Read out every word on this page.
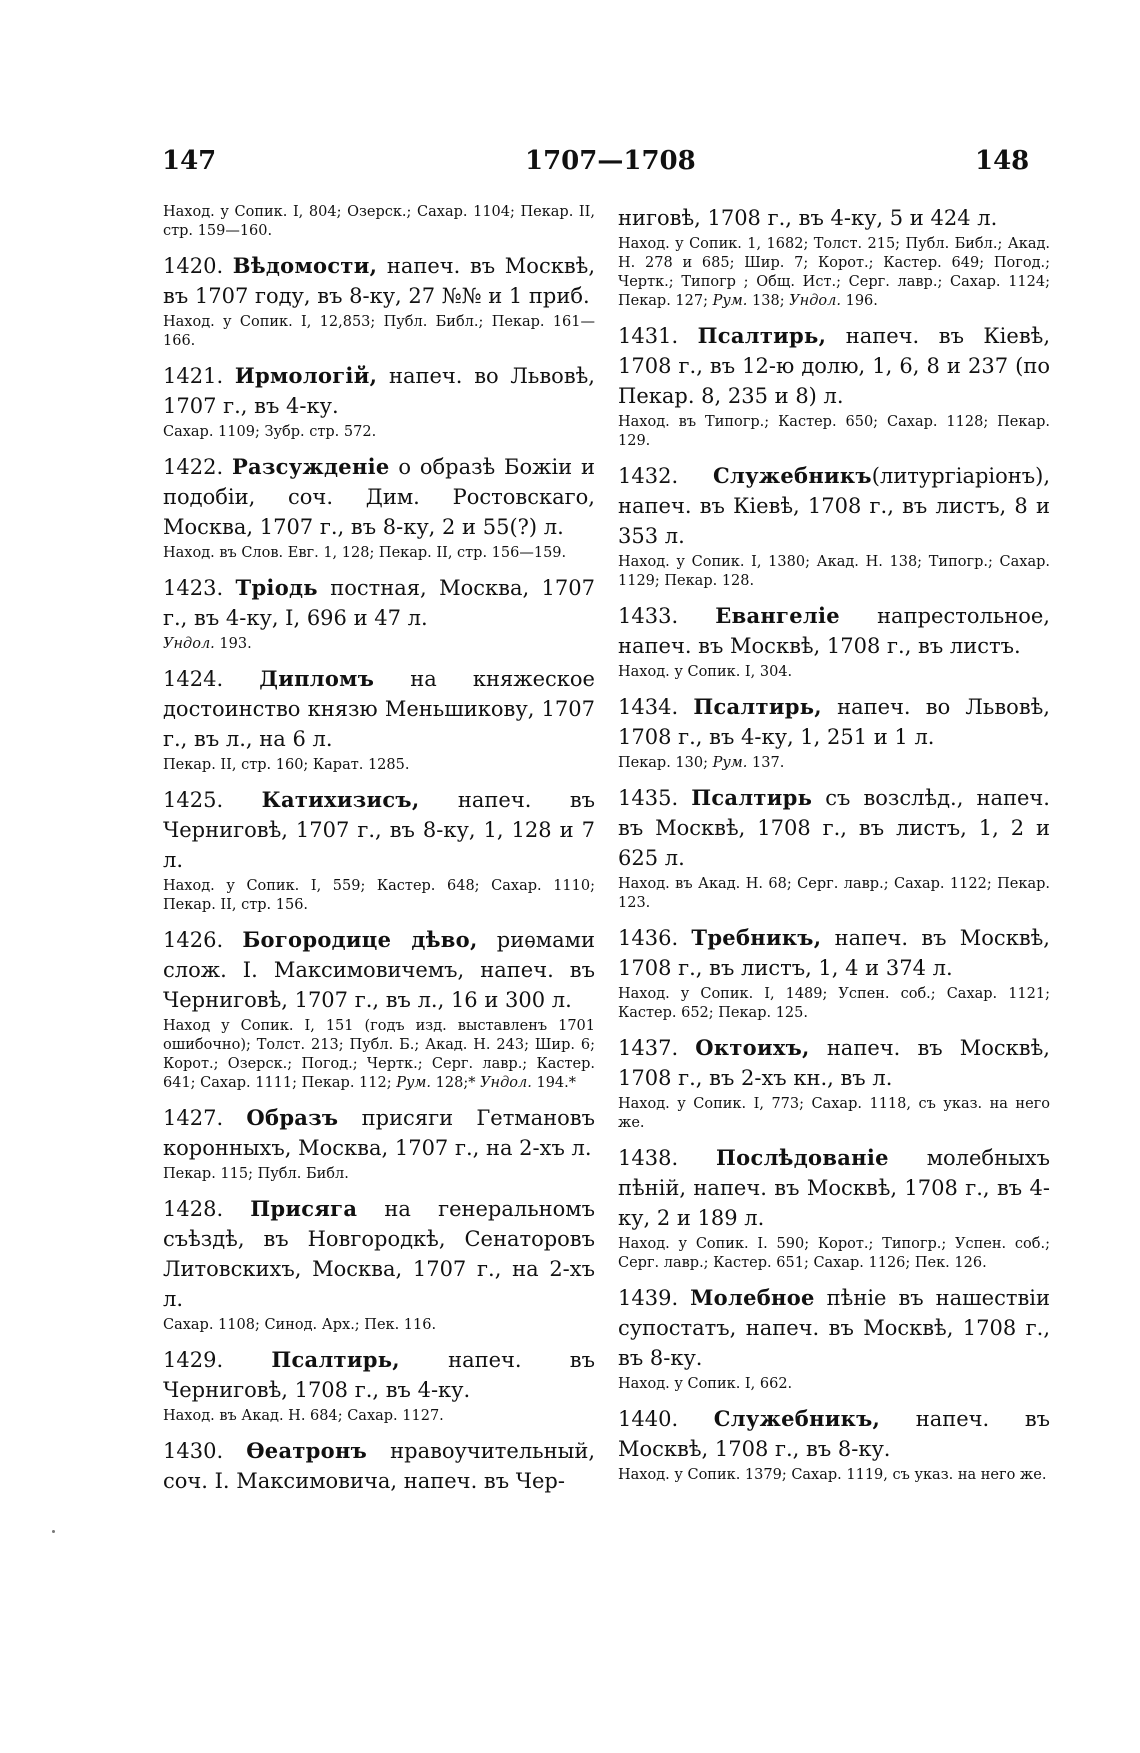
147	1707—1708	148

Наход. у Сопик. I, 804; Озерск.; Сахар. 1104; Пекар. II, стр. 159—160.

1420. Вѣдомости, напеч. въ Москвѣ, въ 1707 году, въ 8-ку, 27 №№ и 1 приб.

Наход. у Сопик. I, 12,853; Публ. Библ.; Пекар. 161—166.

1421. Ирмологій, напеч. во Львовѣ, 1707 г., въ 4-ку.

Сахар. 1109; Зубр. стр. 572.

1422. Разсужденіе о образѣ Божіи и подобіи, соч. Дим. Ростовскаго, Москва, 1707 г., въ 8-ку, 2 и 55(?) л.

Наход. въ Слов. Евг. 1, 128; Пекар. II, стр. 156—159.

1423. Тріодь постная, Москва, 1707 г., въ 4-ку, I, 696 и 47 л.

Ундол. 193.

1424. Дипломъ на княжеское достоинство князю Меньшикову, 1707 г., въ л., на 6 л.

Пекар. II, стр. 160; Карат. 1285.

1425. Катихизисъ, напеч. въ Черниговѣ, 1707 г., въ 8-ку, 1, 128 и 7 л.

Наход. у Сопик. I, 559; Кастер. 648; Сахар. 1110; Пекар. II, стр. 156.

1426. Богородице дѣво, риѳмами слож. І. Максимовичемъ, напеч. въ Черниговѣ, 1707 г., въ л., 16 и 300 л.

Наход у Сопик. I, 151 (годъ изд. выставленъ 1701 ошибочно); Толст. 213; Публ. Б.; Акад. Н. 243; Шир. 6; Корот.; Озерск.; Погод.; Чертк.; Серг. лавр.; Кастер. 641; Сахар. 1111; Пекар. 112; Рум. 128;* Ундол. 194.*

1427. Образъ присяги Гетмановъ коронныхъ, Москва, 1707 г., на 2-хъ л.

Пекар. 115; Публ. Библ.

1428. Присяга на генеральномъ съѣздѣ, въ Новгородкѣ, Сенаторовъ Литовскихъ, Москва, 1707 г., на 2-хъ л.

Сахар. 1108; Синод. Арх.; Пек. 116.

1429. Псалтирь, напеч. въ Черниговѣ, 1708 г., въ 4-ку.

Наход. въ Акад. Н. 684; Сахар. 1127.

1430. Ѳеатронъ нравоучительный, соч. І. Максимовича, напеч. въ Чер-

ниговѣ, 1708 г., въ 4-ку, 5 и 424 л.

Наход. у Сопик. 1, 1682; Толст. 215; Публ. Библ.; Акад. Н. 278 и 685; Шир. 7; Корот.; Кастер. 649; Погод.; Чертк.; Типогр ; Общ. Ист.; Серг. лавр.; Сахар. 1124; Пекар. 127; Рум. 138; Ундол. 196.

1431. Псалтирь, напеч. въ Кіевѣ, 1708 г., въ 12-ю долю, 1, 6, 8 и 237 (по Пекар. 8, 235 и 8) л.

Наход. въ Типогр.; Кастер. 650; Сахар. 1128; Пекар. 129.

1432. Служебникъ(литургіаріонъ), напеч. въ Кіевѣ, 1708 г., въ листъ, 8 и 353 л.

Наход. у Сопик. I, 1380; Акад. Н. 138; Типогр.; Сахар. 1129; Пекар. 128.

1433. Евангеліе напрестольное, напеч. въ Москвѣ, 1708 г., въ листъ.

Наход. у Сопик. I, 304.

1434. Псалтирь, напеч. во Львовѣ, 1708 г., въ 4-ку, 1, 251 и 1 л.

Пекар. 130; Рум. 137.

1435. Псалтирь съ возслѣд., напеч. въ Москвѣ, 1708 г., въ листъ, 1, 2 и 625 л.

Наход. въ Акад. Н. 68; Серг. лавр.; Сахар. 1122; Пекар. 123.

1436. Требникъ, напеч. въ Москвѣ, 1708 г., въ листъ, 1, 4 и 374 л.

Наход. у Сопик. I, 1489; Успен. соб.; Сахар. 1121; Кастер. 652; Пекар. 125.

1437. Октоихъ, напеч. въ Москвѣ, 1708 г., въ 2-хъ кн., въ л.

Наход. у Сопик. I, 773; Сахар. 1118, съ указ. на него же.

1438. Послѣдованіе молебныхъ пѣній, напеч. въ Москвѣ, 1708 г., въ 4-ку, 2 и 189 л.

Наход. у Сопик. I. 590; Корот.; Типогр.; Успен. соб.; Серг. лавр.; Кастер. 651; Сахар. 1126; Пек. 126.

1439. Молебное пѣніе въ нашествіи супостатъ, напеч. въ Москвѣ, 1708 г., въ 8-ку.

Наход. у Сопик. I, 662.

1440. Служебникъ, напеч. въ Москвѣ, 1708 г., въ 8-ку.

Наход. у Сопик. 1379; Сахар. 1119, съ указ. на него же.
